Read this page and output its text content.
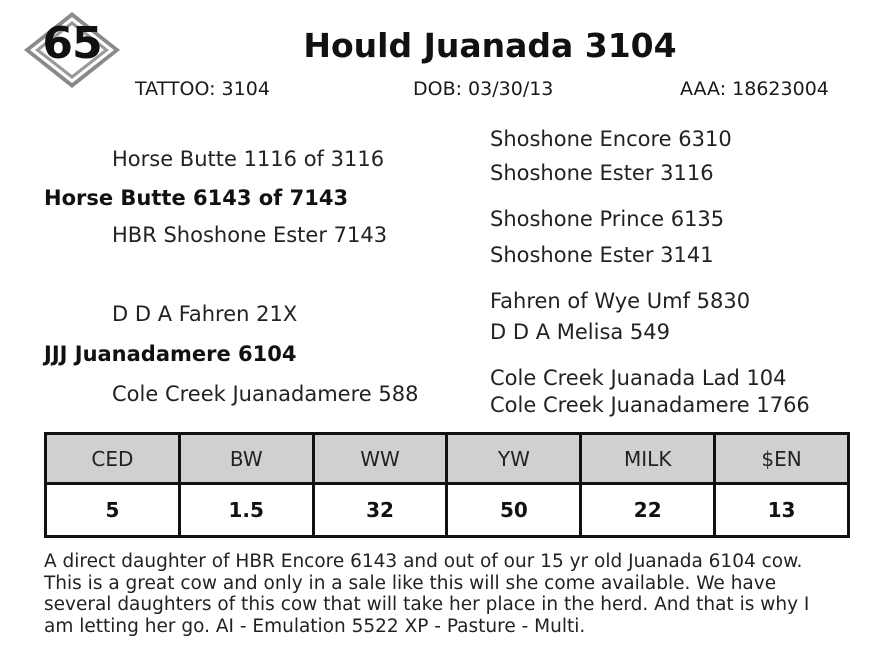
65	Hould Juanada 3104
TATTOO: 3104	DOB: 03/30/13	AAA: 18623004
Horse Butte 1116 of 3116
Horse Butte 6143 of 7143
HBR Shoshone Ester 7143
D D A Fahren 21X
JJJ Juanadamere 6104
Cole Creek Juanadamere 588
Shoshone Encore 6310
Shoshone Ester 3116
Shoshone Prince 6135
Shoshone Ester 3141
Fahren of Wye Umf 5830
D D A Melisa 549
Cole Creek Juanada Lad 104
Cole Creek Juanadamere 1766
CED	BW	WW	YW	MILK	$EN
5	1.5	32	50	22	13
A direct daughter of HBR Encore 6143 and out of our 15 yr old Juanada 6104 cow. This is a great cow and only in a sale like this will she come available. We have several daughters of this cow that will take her place in the herd. And that is why I am letting her go. AI - Emulation 5522 XP - Pasture - Multi.
